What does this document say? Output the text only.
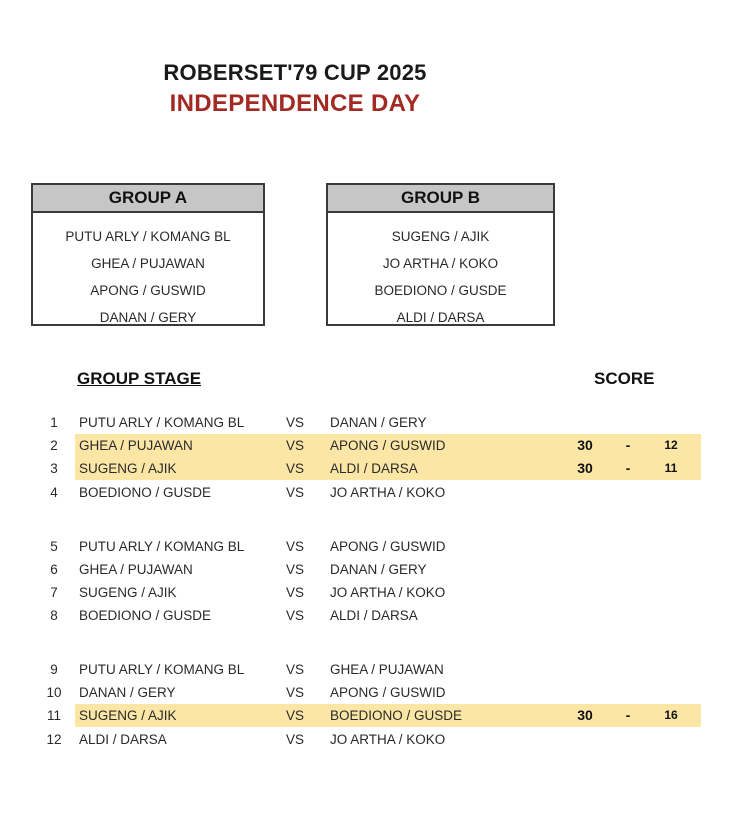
ROBERSET'79 CUP 2025
INDEPENDENCE DAY
GROUP A
PUTU ARLY / KOMANG BL
GHEA / PUJAWAN
APONG / GUSWID
DANAN / GERY
GROUP B
SUGENG / AJIK
JO ARTHA / KOKO
BOEDIONO / GUSDE
ALDI / DARSA
GROUP STAGE	SCORE
1	PUTU ARLY / KOMANG BL	VS DANAN / GERY
2	GHEA / PUJAWAN	VS APONG / GUSWID	30 -	12
3	SUGENG / AJIK	VS ALDI / DARSA	30 -	11
4	BOEDIONO / GUSDE	VS JO ARTHA / KOKO
5	PUTU ARLY / KOMANG BL	VS APONG / GUSWID
6	GHEA / PUJAWAN	VS DANAN / GERY
7	SUGENG / AJIK	VS JO ARTHA / KOKO
8	BOEDIONO / GUSDE	VS ALDI / DARSA
9	PUTU ARLY / KOMANG BL	VS GHEA / PUJAWAN
10	DANAN / GERY	VS APONG / GUSWID
11	SUGENG / AJIK	VS BOEDIONO / GUSDE	30 -	16
12	ALDI / DARSA	VS JO ARTHA / KOKO
